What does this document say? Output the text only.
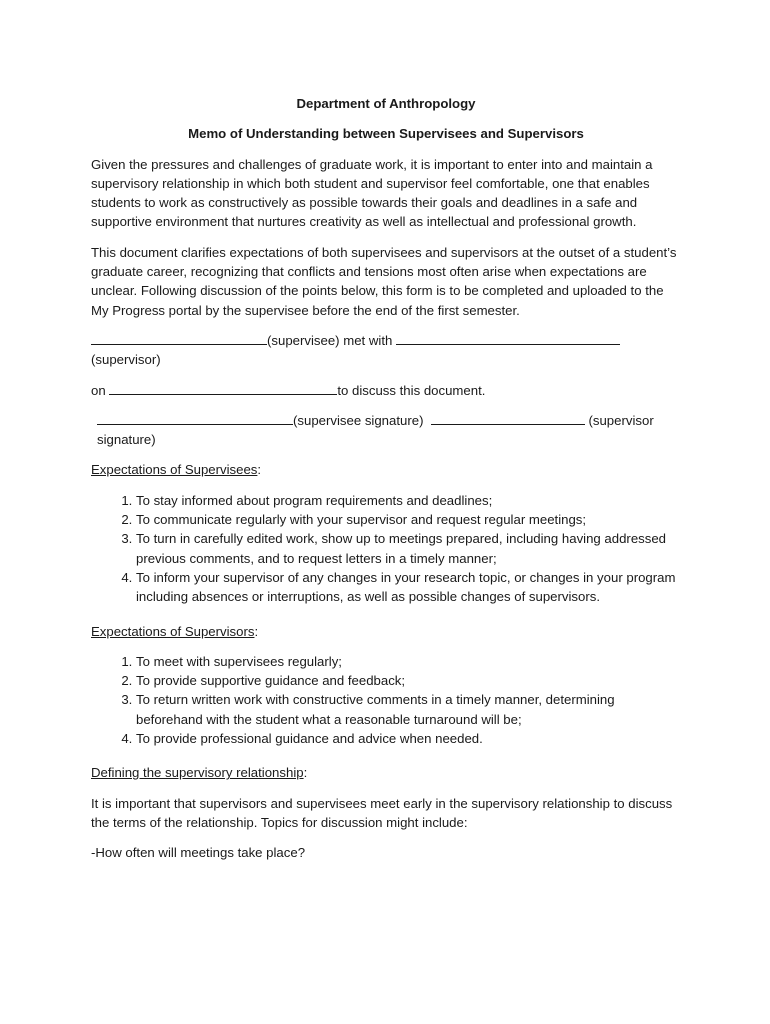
Department of Anthropology

Memo of Understanding between Supervisees and Supervisors

Given the pressures and challenges of graduate work, it is important to enter into and maintain a supervisory relationship in which both student and supervisor feel comfortable, one that enables students to work as constructively as possible towards their goals and deadlines in a safe and supportive environment that nurtures creativity as well as intellectual and professional growth.

This document clarifies expectations of both supervisees and supervisors at the outset of a student’s graduate career, recognizing that conflicts and tensions most often arise when expectations are unclear. Following discussion of the points below, this form is to be completed and uploaded to the My Progress portal by the supervisee before the end of the first semester.

(supervisee) met with  (supervisor)

on	to discuss this document.

(supervisee signature)	(supervisor signature)

Expectations of Supervisees:

1. To stay informed about program requirements and deadlines;
2. To communicate regularly with your supervisor and request regular meetings;
3. To turn in carefully edited work, show up to meetings prepared, including having addressed previous comments, and to request letters in a timely manner;
4. To inform your supervisor of any changes in your research topic, or changes in your program including absences or interruptions, as well as possible changes of supervisors.

Expectations of Supervisors:

1. To meet with supervisees regularly;
2. To provide supportive guidance and feedback;
3. To return written work with constructive comments in a timely manner, determining beforehand with the student what a reasonable turnaround will be;
4. To provide professional guidance and advice when needed.

Defining the supervisory relationship:

It is important that supervisors and supervisees meet early in the supervisory relationship to discuss the terms of the relationship. Topics for discussion might include:

-How often will meetings take place?
